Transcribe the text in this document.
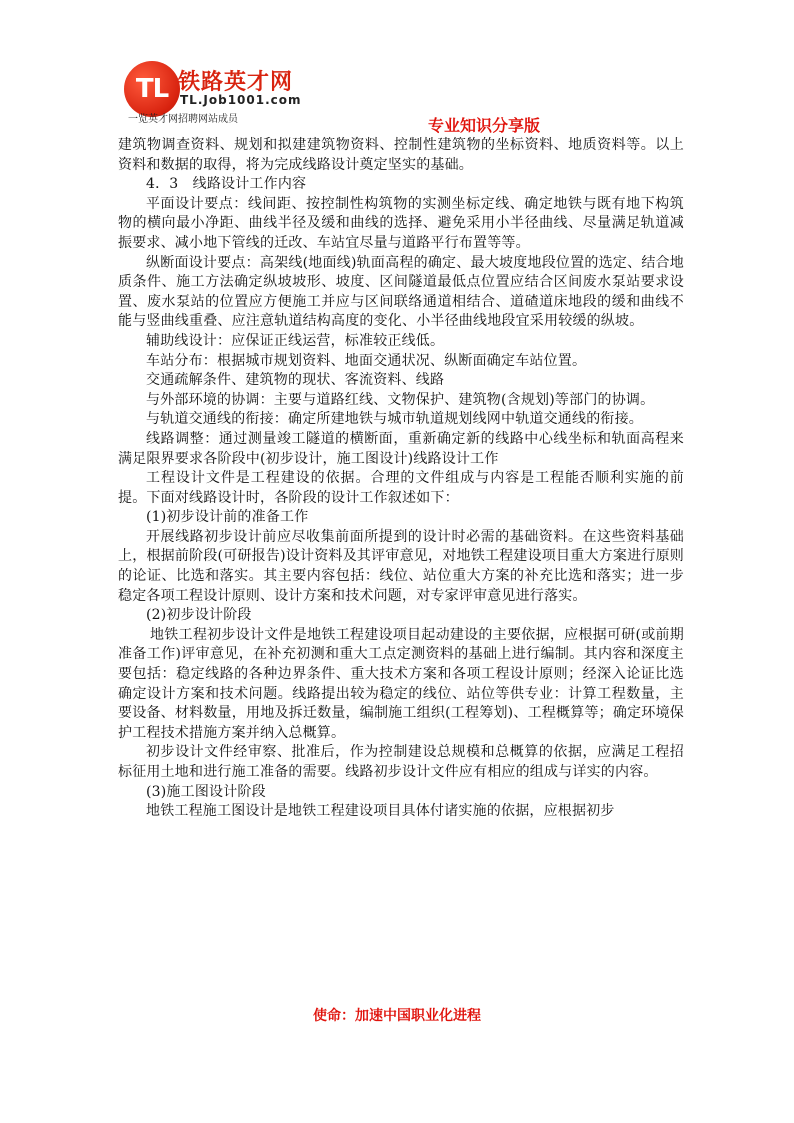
TL 铁路英才网
TL.Job1001.com
一览英才网招聘网站成员	专业知识分享版

建筑物调查资料、规划和拟建建筑物资料、控制性建筑物的坐标资料、地质资料等。以上资料和数据的取得，将为完成线路设计奠定坚实的基础。

4．3　线路设计工作内容

平面设计要点：线间距、按控制性构筑物的实测坐标定线、确定地铁与既有地下构筑物的横向最小净距、曲线半径及缓和曲线的选择、避免采用小半径曲线、尽量满足轨道减振要求、减小地下管线的迁改、车站宜尽量与道路平行布置等等。

纵断面设计要点：高架线(地面线)轨面高程的确定、最大坡度地段位置的选定、结合地质条件、施工方法确定纵坡坡形、坡度、区间隧道最低点位置应结合区间废水泵站要求设置、废水泵站的位置应方便施工并应与区间联络通道相结合、道碴道床地段的缓和曲线不能与竖曲线重叠、应注意轨道结构高度的变化、小半径曲线地段宜采用较缓的纵坡。

辅助线设计：应保证正线运营，标准较正线低。

车站分布：根据城市规划资料、地面交通状况、纵断面确定车站位置。

交通疏解条件、建筑物的现状、客流资料、线路

与外部环境的协调：主要与道路红线、文物保护、建筑物(含规划)等部门的协调。

与轨道交通线的衔接：确定所建地铁与城市轨道规划线网中轨道交通线的衔接。

线路调整：通过测量竣工隧道的横断面，重新确定新的线路中心线坐标和轨面高程来满足限界要求各阶段中(初步设计，施工图设计)线路设计工作

工程设计文件是工程建设的依据。合理的文件组成与内容是工程能否顺利实施的前提。下面对线路设计时，各阶段的设计工作叙述如下：

(1)初步设计前的准备工作

开展线路初步设计前应尽收集前面所提到的设计时必需的基础资料。在这些资料基础上，根据前阶段(可研报告)设计资料及其评审意见，对地铁工程建设项目重大方案进行原则的论证、比选和落实。其主要内容包括：线位、站位重大方案的补充比选和落实；进一步稳定各项工程设计原则、设计方案和技术问题，对专家评审意见进行落实。

(2)初步设计阶段

地铁工程初步设计文件是地铁工程建设项目起动建设的主要依据，应根据可研(或前期准备工作)评审意见，在补充初测和重大工点定测资料的基础上进行编制。其内容和深度主要包括：稳定线路的各种边界条件、重大技术方案和各项工程设计原则；经深入论证比选确定设计方案和技术问题。线路提出较为稳定的线位、站位等供专业：计算工程数量，主要设备、材料数量，用地及拆迁数量，编制施工组织(工程筹划)、工程概算等；确定环境保护工程技术措施方案并纳入总概算。

初步设计文件经审察、批准后，作为控制建设总规模和总概算的依据，应满足工程招标征用土地和进行施工准备的需要。线路初步设计文件应有相应的组成与详实的内容。

(3)施工图设计阶段

地铁工程施工图设计是地铁工程建设项目具体付诸实施的依据，应根据初步

使命：加速中国职业化进程
